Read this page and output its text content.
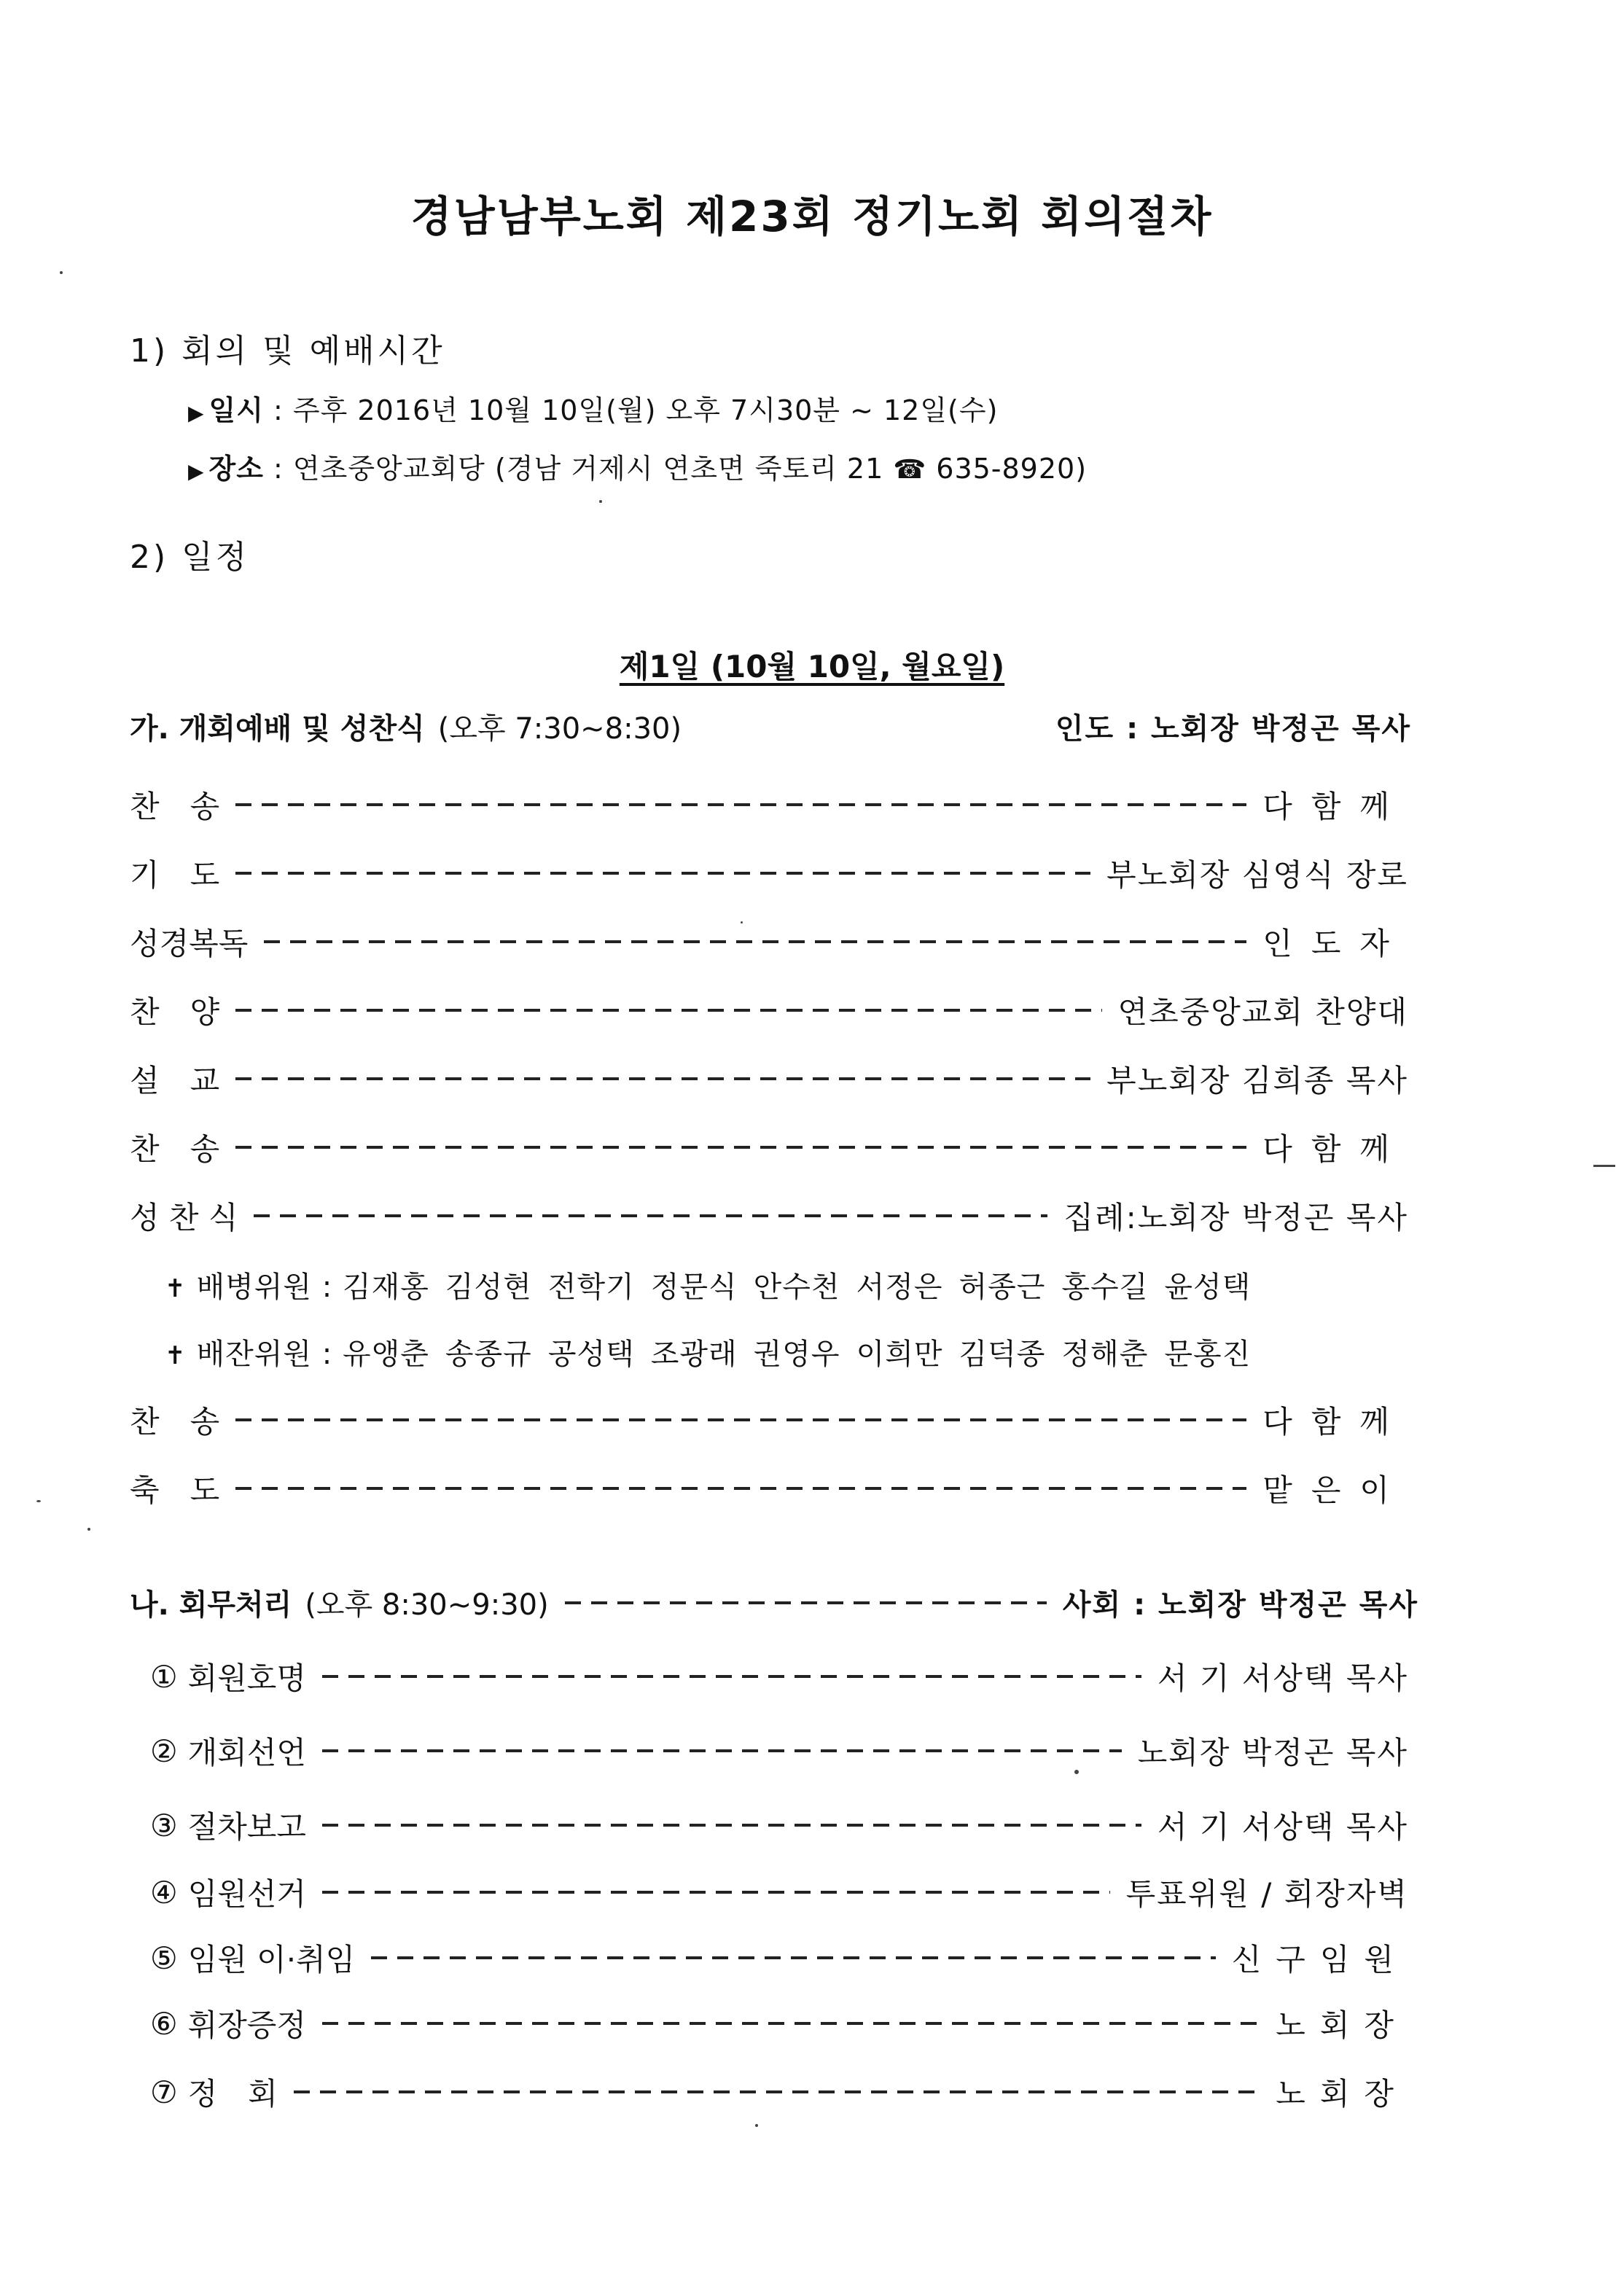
경남남부노회 제23회 정기노회 회의절차
1) 회의 및 예배시간
▶ 일시 : 주후 2016년 10월 10일(월) 오후 7시30분 ~ 12일(수)
▶ 장소 : 연초중앙교회당 (경남 거제시 연초면 죽토리 21 ☎ 635-8920)
2) 일정
제1일 (10월 10일, 월요일)
가. 개회예배 및 성찬식 (오후 7:30~8:30)	인도 : 노회장 박정곤 목사
찬　송	다함께
기　도	부노회장 심영식 장로
성경복독	인도자
찬　양	연초중앙교회 찬양대
설　교	부노회장 김희종 목사
찬　송	다함께
성 찬 식	집례:노회장 박정곤 목사
✝ 배병위원 : 김재홍 김성현 전학기 정문식 안수천 서정은 허종근 홍수길 윤성택
✝ 배잔위원 : 유앵춘 송종규 공성택 조광래 권영우 이희만 김덕종 정해춘 문홍진
찬　송	다함께
축　도	맡은이
나. 회무처리 (오후 8:30~9:30)	사회 : 노회장 박정곤 목사
① 회원호명	서 기 서상택 목사
② 개회선언	노회장 박정곤 목사
③ 절차보고	서 기 서상택 목사
④ 임원선거	투표위원 / 회장자벽
⑤ 임원 이·취임	신구임원
⑥ 휘장증정	노회장
⑦ 정　회	노회장
